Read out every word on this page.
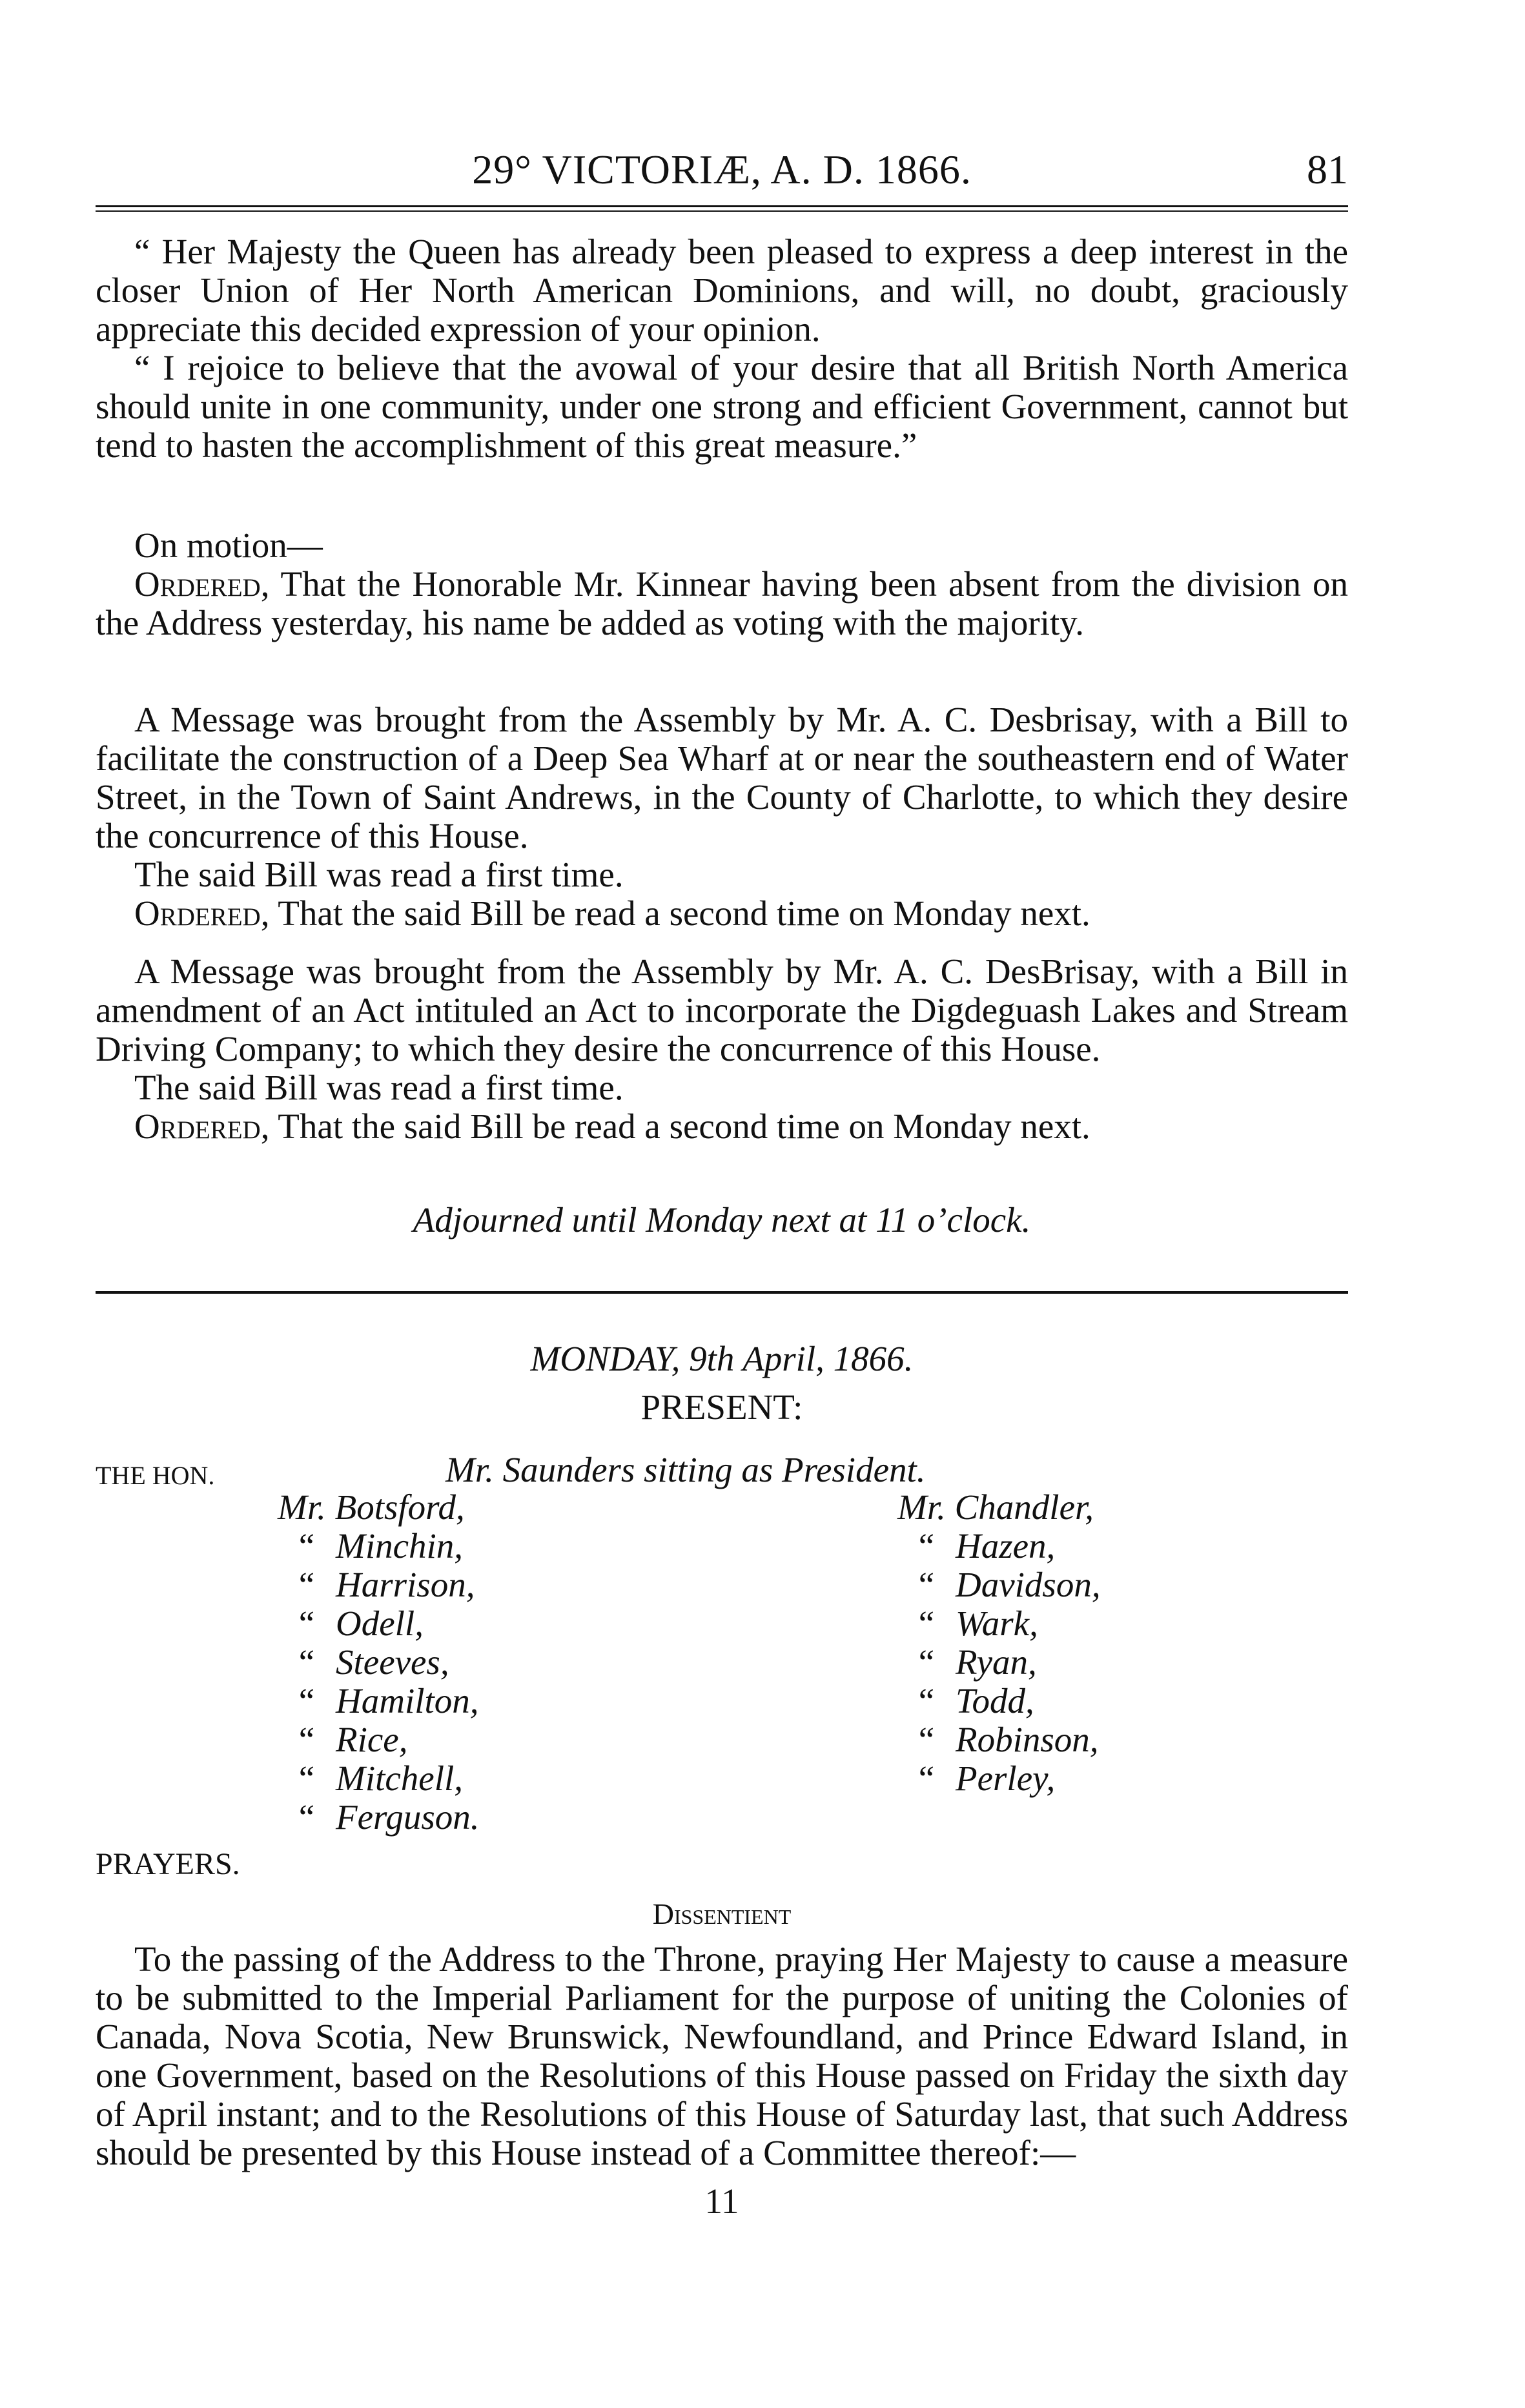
29° VICTORIÆ, A. D. 1866.	81

“ Her Majesty the Queen has already been pleased to express a deep interest in the closer Union of Her North American Dominions, and will, no doubt, graciously appreciate this decided expression of your opinion.

“ I rejoice to believe that the avowal of your desire that all British North America should unite in one community, under one strong and efficient Government, cannot but tend to hasten the accomplishment of this great measure.”

On motion—

Ordered, That the Honorable Mr. Kinnear having been absent from the division on the Address yesterday, his name be added as voting with the majority.

A Message was brought from the Assembly by Mr. A. C. Desbrisay, with a Bill to facilitate the construction of a Deep Sea Wharf at or near the southeastern end of Water Street, in the Town of Saint Andrews, in the County of Charlotte, to which they desire the concurrence of this House.

The said Bill was read a first time.

Ordered, That the said Bill be read a second time on Monday next.

A Message was brought from the Assembly by Mr. A. C. DesBrisay, with a Bill in amendment of an Act intituled an Act to incorporate the Digdeguash Lakes and Stream Driving Company; to which they desire the concurrence of this House.

The said Bill was read a first time.

Ordered, That the said Bill be read a second time on Monday next.

Adjourned until Monday next at 11 o’clock.
MONDAY, 9th April, 1866.
PRESENT:
THE HON.	Mr. Saunders sitting as President.
Mr. Botsford,
“ Minchin,
“ Harrison,
“ Odell,
“ Steeves,
“ Hamilton,
“ Rice,
“ Mitchell,
“ Ferguson.
Mr. Chandler,
“ Hazen,
“ Davidson,
“ Wark,
“ Ryan,
“ Todd,
“ Robinson,
“ Perley,
PRAYERS.
Dissentient

To the passing of the Address to the Throne, praying Her Majesty to cause a measure to be submitted to the Imperial Parliament for the purpose of uniting the Colonies of Canada, Nova Scotia, New Brunswick, Newfoundland, and Prince Edward Island, in one Government, based on the Resolutions of this House passed on Friday the sixth day of April instant; and to the Resolutions of this House of Saturday last, that such Address should be presented by this House instead of a Committee thereof:—

11
